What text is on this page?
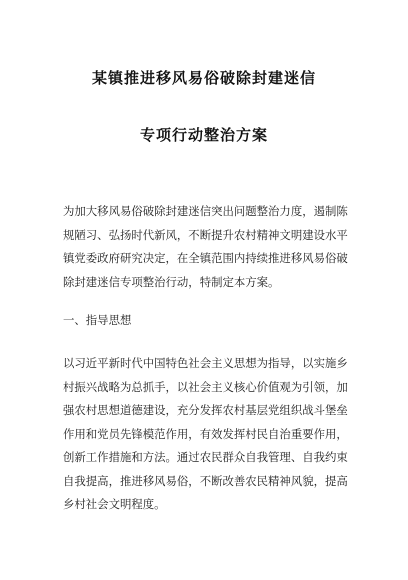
某镇推进移风易俗破除封建迷信
专项行动整治方案
为加大移风易俗破除封建迷信突出问题整治力度，遏制陈
规陋习、弘扬时代新风，不断提升农村精神文明建设水平
镇党委政府研究决定，在全镇范围内持续推进移风易俗破
除封建迷信专项整治行动，特制定本方案。
一、指导思想
以习近平新时代中国特色社会主义思想为指导，以实施乡
村振兴战略为总抓手，以社会主义核心价值观为引领，加
强农村思想道德建设，充分发挥农村基层党组织战斗堡垒
作用和党员先锋模范作用，有效发挥村民自治重要作用，
创新工作措施和方法。通过农民群众自我管理、自我约束
自我提高，推进移风易俗，不断改善农民精神风貌，提高
乡村社会文明程度。
